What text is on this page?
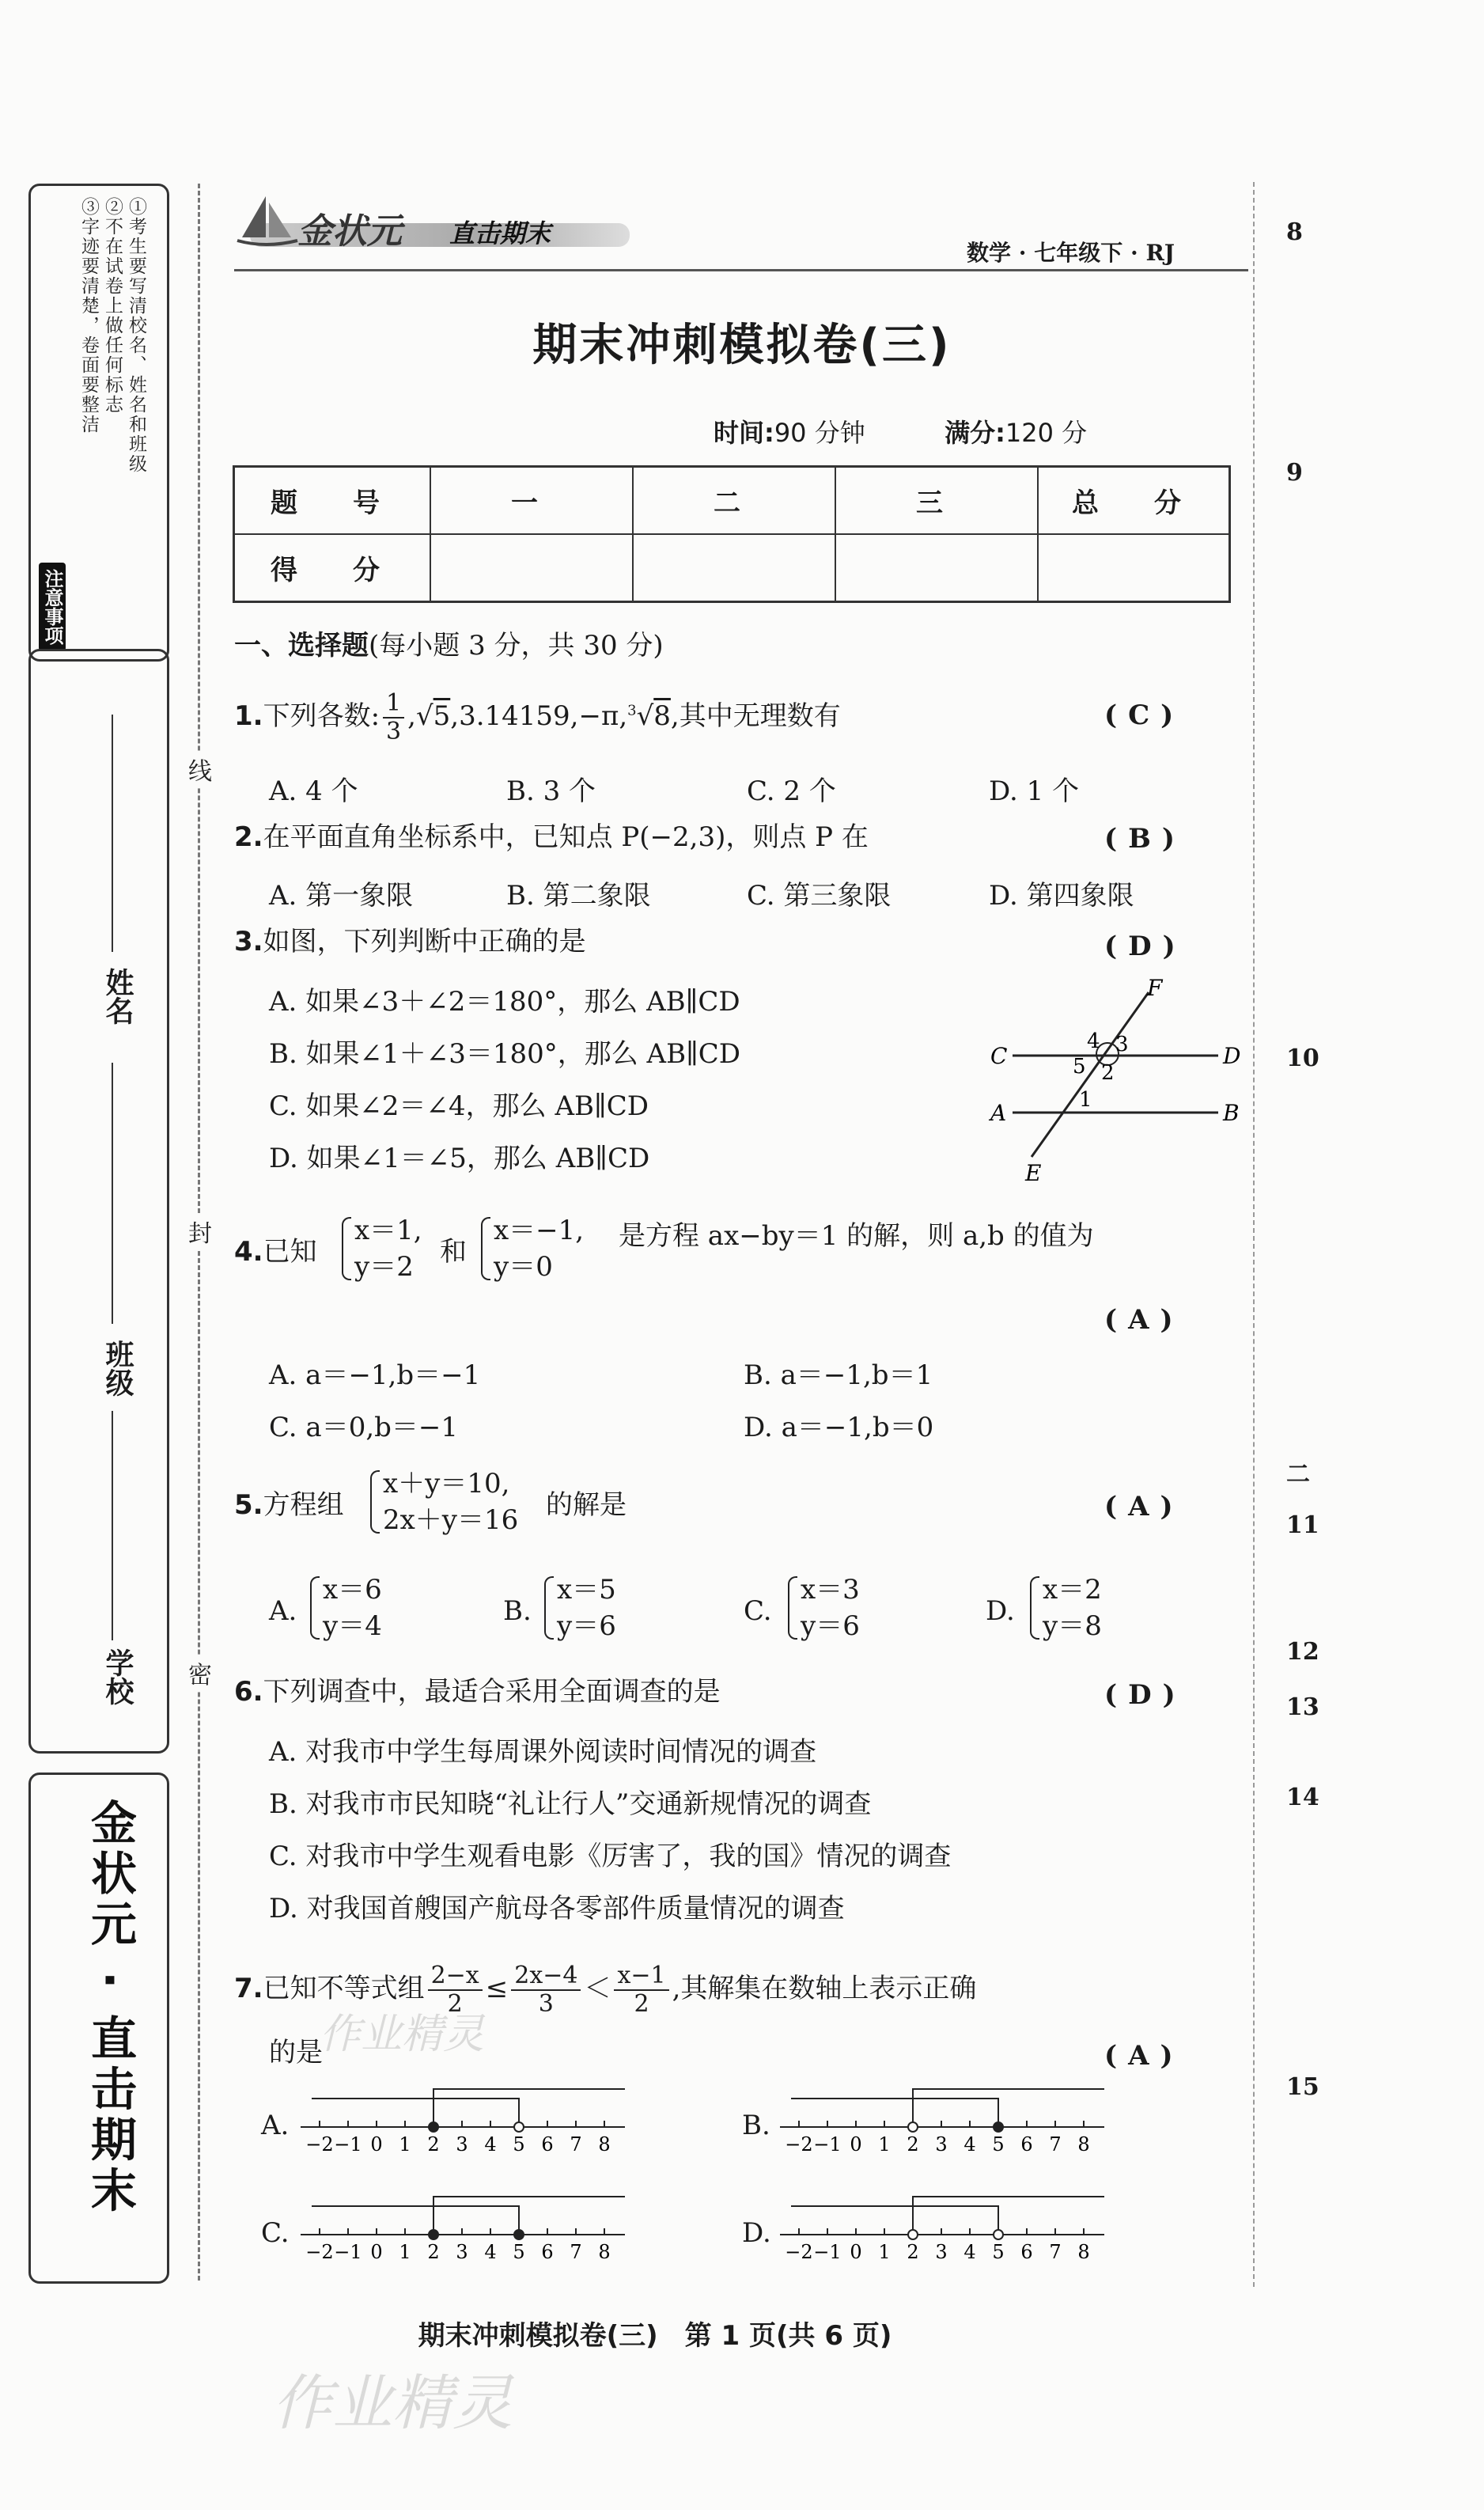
①考生要写清校名、姓名和班级
②不在试卷上做任何标志
③字迹要清楚，卷面要整洁
注意事项
姓名
班级
学校
金状元 · 直击期末
线
封
密
8
9
10
二
11
12
13
14
15
金状元 直击期末
数学 · 七年级下 · RJ
期末冲刺模拟卷(三)
时间:90 分钟	满分:120 分
题　号	一	二	三	总　分
得　分				
一、选择题(每小题 3 分，共 30 分)
1.下列各数: $\frac{1}{3} ,√5,3.14159,-\pi,^3√8$,其中无理数有	(C)
A. 4 个	B. 3 个	C. 2 个	D. 1 个
2.在平面直角坐标系中，已知点 P(−2,3)，则点 P 在	(B)
A. 第一象限	B. 第二象限	C. 第三象限	D. 第四象限
3.如图，下列判断中正确的是	(D)
A. 如果∠3＋∠2＝180°，那么 AB∥CD
B. 如果∠1＋∠3＝180°，那么 AB∥CD
C. 如果∠2＝∠4，那么 AB∥CD
D. 如果∠1＝∠5，那么 AB∥CD
F
C	D
A	B
E
4 3
5 2
1
4.已知
x＝1,
y＝2 和
x＝−1,
y＝0
是方程 ax−by＝1 的解，则 a,b 的值为
(A)
A. a＝−1,b＝−1	B. a＝−1,b＝1
C. a＝0,b＝−1	D. a＝−1,b＝0
5.方程组
x＋y＝10,
2x＋y＝16 的解是	(A)
A.
x＝6
y＝4	B.
x＝5
y＝6	C.
x＝3
y＝6	D.
x＝2
y＝8
6.下列调查中，最适合采用全面调查的是	(D)
A. 对我市中学生每周课外阅读时间情况的调查
B. 对我市市民知晓“礼让行人”交通新规情况的调查
C. 对我市中学生观看电影《厉害了，我的国》情况的调查
D. 对我国首艘国产航母各零部件质量情况的调查
7.已知不等式组 $\frac{2-x}{2} \le \frac{2x-4}{3} < \frac{x-1}{2}$ ,其解集在数轴上表示正确
的是	(A)
A.	B.
C.	D.
−2 −1 0 1 2 3 4 5 6 7 8	−2 −1 0 1 2 3 4 5 6 7 8
−2 −1 0 1 2 3 4 5 6 7 8	−2 −1 0 1 2 3 4 5 6 7 8
作业精灵
作业精灵
期末冲刺模拟卷(三)　第 1 页(共 6 页)
